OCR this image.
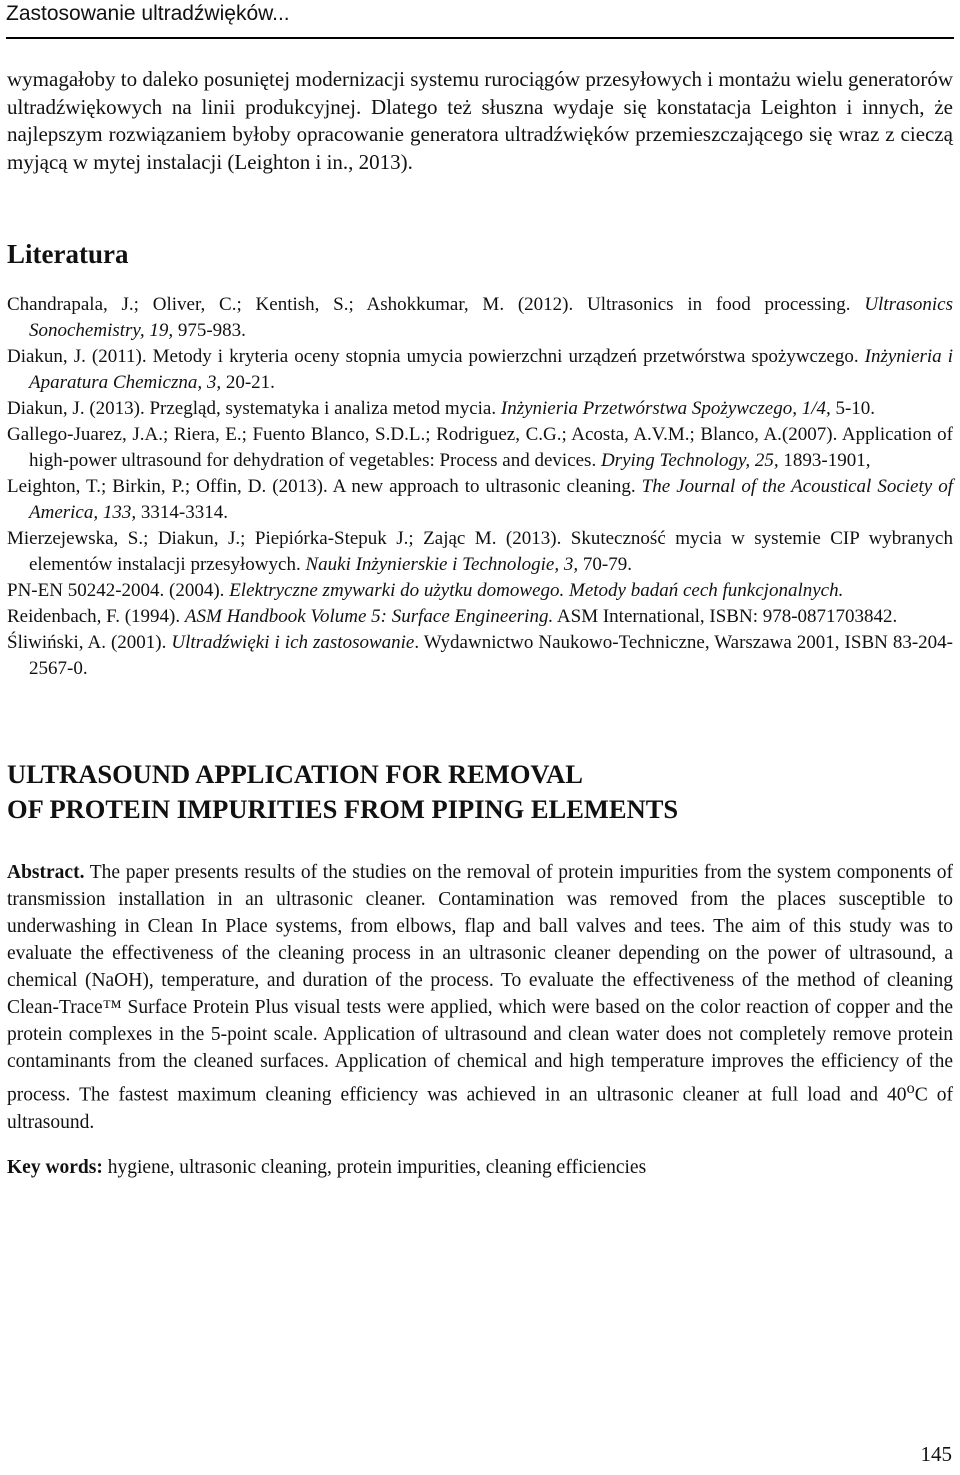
Zastosowanie ultradźwięków...

wymagałoby to daleko posuniętej modernizacji systemu rurociągów przesyłowych i montażu wielu generatorów ultradźwiękowych na linii produkcyjnej. Dlatego też słuszna wydaje się konstatacja Leighton i innych, że najlepszym rozwiązaniem byłoby opracowanie generatora ultradźwięków przemieszczającego się wraz z cieczą myjącą w mytej instalacji (Leighton i in., 2013).

Literatura
Chandrapala, J.; Oliver, C.; Kentish, S.; Ashokkumar, M. (2012). Ultrasonics in food processing. Ultrasonics Sonochemistry, 19, 975-983.
Diakun, J. (2011). Metody i kryteria oceny stopnia umycia powierzchni urządzeń przetwórstwa spożywczego. Inżynieria i Aparatura Chemiczna, 3, 20-21.
Diakun, J. (2013). Przegląd, systematyka i analiza metod mycia. Inżynieria Przetwórstwa Spożywczego, 1/4, 5-10.
Gallego-Juarez, J.A.; Riera, E.; Fuento Blanco, S.D.L.; Rodriguez, C.G.; Acosta, A.V.M.; Blanco, A.(2007). Application of high-power ultrasound for dehydration of vegetables: Process and devices. Drying Technology, 25, 1893-1901,
Leighton, T.; Birkin, P.; Offin, D. (2013). A new approach to ultrasonic cleaning. The Journal of the Acoustical Society of America, 133, 3314-3314.
Mierzejewska, S.; Diakun, J.; Piepiórka-Stepuk J.; Zając M. (2013). Skuteczność mycia w systemie CIP wybranych elementów instalacji przesyłowych. Nauki Inżynierskie i Technologie, 3, 70-79.
PN-EN 50242-2004. (2004). Elektryczne zmywarki do użytku domowego. Metody badań cech funkcjonalnych.
Reidenbach, F. (1994). ASM Handbook Volume 5: Surface Engineering. ASM International, ISBN: 978-0871703842.
Śliwiński, A. (2001). Ultradźwięki i ich zastosowanie. Wydawnictwo Naukowo-Techniczne, Warszawa 2001, ISBN 83-204-2567-0.
ULTRASOUND APPLICATION FOR REMOVAL
OF PROTEIN IMPURITIES FROM PIPING ELEMENTS

Abstract. The paper presents results of the studies on the removal of protein impurities from the system components of transmission installation in an ultrasonic cleaner. Contamination was removed from the places susceptible to underwashing in Clean In Place systems, from elbows, flap and ball valves and tees. The aim of this study was to evaluate the effectiveness of the cleaning process in an ultrasonic cleaner depending on the power of ultrasound, a chemical (NaOH), temperature, and duration of the process. To evaluate the effectiveness of the method of cleaning Clean-Trace™ Surface Protein Plus visual tests were applied, which were based on the color reaction of copper and the protein complexes in the 5-point scale. Application of ultrasound and clean water does not completely remove protein contaminants from the cleaned surfaces. Application of chemical and high temperature improves the efficiency of the process. The fastest maximum cleaning efficiency was achieved in an ultrasonic cleaner at full load and 40$^o$C of ultrasound.

Key words: hygiene, ultrasonic cleaning, protein impurities, cleaning efficiencies

145
